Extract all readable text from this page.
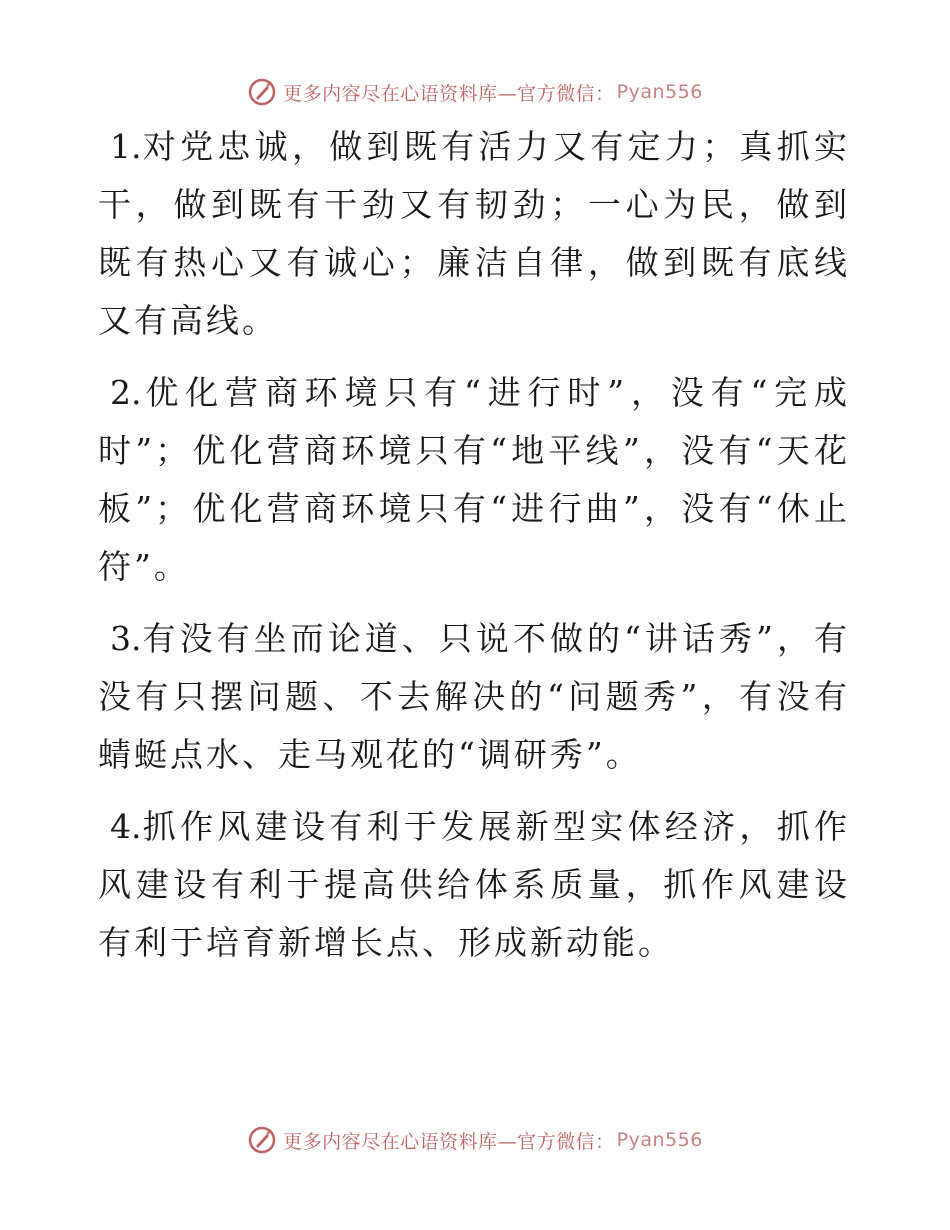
更多内容尽在心语资料库—官方微信： Pyan556

1.对党忠诚，做到既有活力又有定力；真抓实干，做到既有干劲又有韧劲；一心为民，做到既有热心又有诚心；廉洁自律，做到既有底线又有高线。

2.优化营商环境只有“进行时”，没有“完成时”；优化营商环境只有“地平线”，没有“天花板”；优化营商环境只有“进行曲”，没有“休止符”。

3.有没有坐而论道、只说不做的“讲话秀”，有没有只摆问题、不去解决的“问题秀”，有没有蜻蜓点水、走马观花的“调研秀”。

4.抓作风建设有利于发展新型实体经济，抓作风建设有利于提高供给体系质量，抓作风建设有利于培育新增长点、形成新动能。

更多内容尽在心语资料库—官方微信： Pyan556
